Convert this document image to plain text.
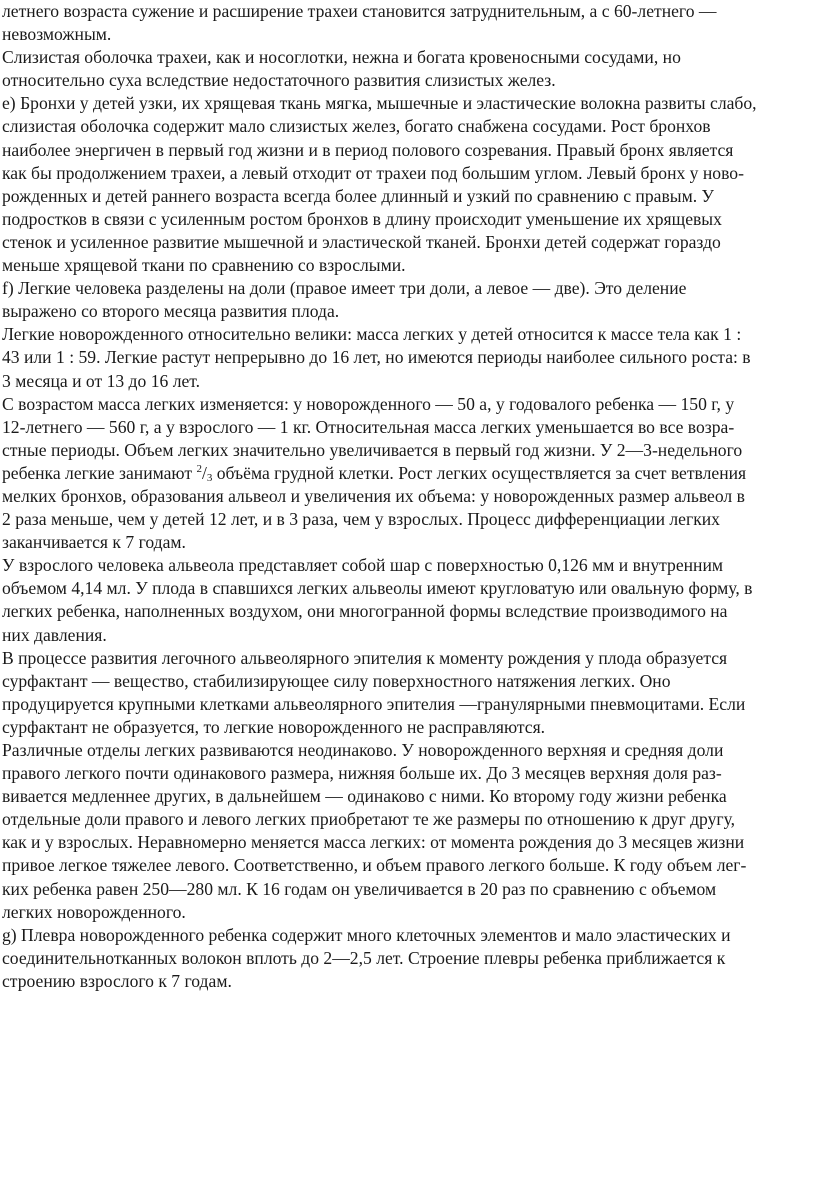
летнего возраста сужение и расширение трахеи становится затруднительным, а с 60-летнего —
невозможным.
Слизистая оболочка трахеи, как и носоглотки, нежна и богата кровеносными сосудами, но
относительно суха вследствие недостаточного развития слизистых желез.
e) Бронхи у детей узки, их хрящевая ткань мягка, мышечные и эластические волокна развиты слабо,
слизистая оболочка содержит мало слизистых желез, богато снабжена сосудами. Рост бронхов
наиболее энергичен в первый год жизни и в период полового созревания. Правый бронх является
как бы продолжением трахеи, а левый отходит от трахеи под большим углом. Левый бронх у ново-
рожденных и детей раннего возраста всегда более длинный и узкий по сравнению с правым. У
подростков в связи с усиленным ростом бронхов в длину происходит уменьшение их хрящевых
стенок и усиленное развитие мышечной и эластической тканей. Бронхи детей содержат гораздо
меньше хрящевой ткани по сравнению со взрослыми.
f) Легкие человека разделены на доли (правое имеет три доли, а левое — две). Это деление
выражено со второго месяца развития плода.
Легкие новорожденного относительно велики: масса легких у детей относится к массе тела как 1 :
43 или 1 : 59. Легкие растут непрерывно до 16 лет, но имеются периоды наиболее сильного роста: в
3 месяца и от 13 до 16 лет.
С возрастом масса легких изменяется: у новорожденного — 50 а, у годовалого ребенка — 150 г, у
12-летнего — 560 г, а у взрослого — 1 кг. Относительная масса легких уменьшается во все возра-
стные периоды. Объем легких значительно увеличивается в первый год жизни. У 2—3-недельного
ребенка легкие занимают $^2/_3$ объёма грудной клетки. Рост легких осуществляется за счет ветвления
мелких бронхов, образования альвеол и увеличения их объема: у новорожденных размер альвеол в
2 раза меньше, чем у детей 12 лет, и в 3 раза, чем у взрослых. Процесс дифференциации легких
заканчивается к 7 годам.
У взрослого человека альвеола представляет собой шар с поверхностью 0,126 мм и внутренним
объемом 4,14 мл. У плода в спавшихся легких альвеолы имеют кругловатую или овальную форму, в
легких ребенка, наполненных воздухом, они многогранной формы вследствие производимого на
них давления.
В процессе развития легочного альвеолярного эпителия к моменту рождения у плода образуется
сурфактант — вещество, стабилизирующее силу поверхностного натяжения легких. Оно
продуцируется крупными клетками альвеолярного эпителия —гранулярными пневмоцитами. Если
сурфактант не образуется, то легкие новорожденного не расправляются.
Различные отделы легких развиваются неодинаково. У новорожденного верхняя и средняя доли
правого легкого почти одинакового размера, нижняя больше их. До 3 месяцев верхняя доля раз-
вивается медленнее других, в дальнейшем — одинаково с ними. Ко второму году жизни ребенка
отдельные доли правого и левого легких приобретают те же размеры по отношению к друг другу,
как и у взрослых. Неравномерно меняется масса легких: от момента рождения до 3 месяцев жизни
привое легкое тяжелее левого. Соответственно, и объем правого легкого больше. К году объем лег-
ких ребенка равен 250—280 мл. К 16 годам он увеличивается в 20 раз по сравнению с объемом
легких новорожденного.
g) Плевра новорожденного ребенка содержит много клеточных элементов и мало эластических и
соединительнотканных волокон вплоть до 2—2,5 лет. Строение плевры ребенка приближается к
строению взрослого к 7 годам.
